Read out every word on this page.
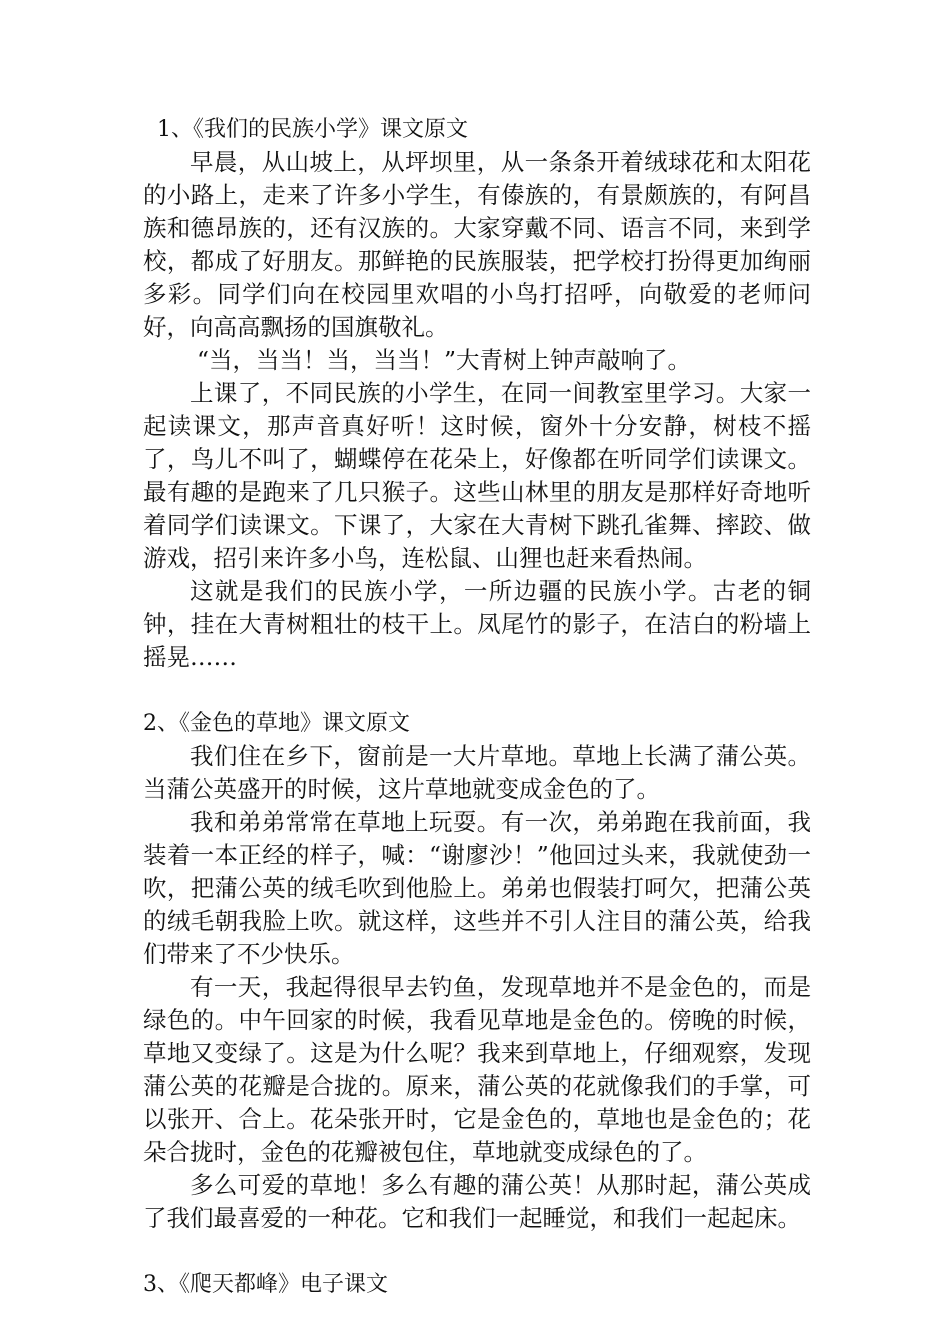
1、《我们的民族小学》课文原文

早晨，从山坡上，从坪坝里，从一条条开着绒球花和太阳花的小路上，走来了许多小学生，有傣族的，有景颇族的，有阿昌族和德昂族的，还有汉族的。大家穿戴不同、语言不同，来到学校，都成了好朋友。那鲜艳的民族服装，把学校打扮得更加绚丽多彩。同学们向在校园里欢唱的小鸟打招呼，向敬爱的老师问好，向高高飘扬的国旗敬礼。

“当，当当！当，当当！”大青树上钟声敲响了。

上课了，不同民族的小学生，在同一间教室里学习。大家一起读课文，那声音真好听！这时候，窗外十分安静，树枝不摇了，鸟儿不叫了，蝴蝶停在花朵上，好像都在听同学们读课文。最有趣的是跑来了几只猴子。这些山林里的朋友是那样好奇地听着同学们读课文。下课了，大家在大青树下跳孔雀舞、摔跤、做游戏，招引来许多小鸟，连松鼠、山狸也赶来看热闹。

这就是我们的民族小学，一所边疆的民族小学。古老的铜钟，挂在大青树粗壮的枝干上。凤尾竹的影子，在洁白的粉墙上摇晃……

2、《金色的草地》课文原文

我们住在乡下，窗前是一大片草地。草地上长满了蒲公英。当蒲公英盛开的时候，这片草地就变成金色的了。

我和弟弟常常在草地上玩耍。有一次，弟弟跑在我前面，我装着一本正经的样子，喊：“谢廖沙！”他回过头来，我就使劲一吹，把蒲公英的绒毛吹到他脸上。弟弟也假装打呵欠，把蒲公英的绒毛朝我脸上吹。就这样，这些并不引人注目的蒲公英，给我们带来了不少快乐。

有一天，我起得很早去钓鱼，发现草地并不是金色的，而是绿色的。中午回家的时候，我看见草地是金色的。傍晚的时候，草地又变绿了。这是为什么呢？我来到草地上，仔细观察，发现蒲公英的花瓣是合拢的。原来，蒲公英的花就像我们的手掌，可以张开、合上。花朵张开时，它是金色的，草地也是金色的；花朵合拢时，金色的花瓣被包住，草地就变成绿色的了。

多么可爱的草地！多么有趣的蒲公英！从那时起，蒲公英成了我们最喜爱的一种花。它和我们一起睡觉，和我们一起起床。

3、《爬天都峰》电子课文
